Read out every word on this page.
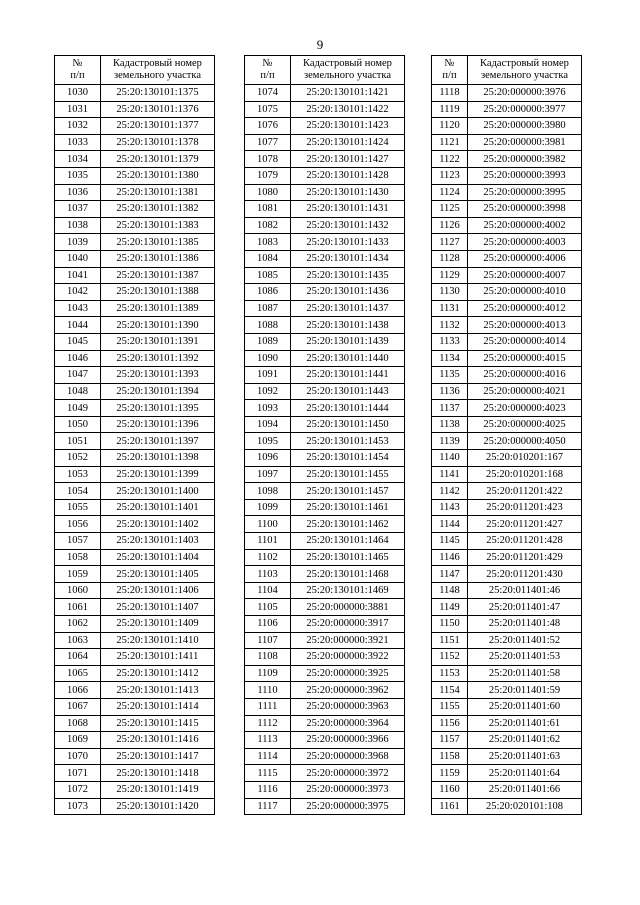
9
№
п/п	Кадастровый номер
земельного участка
1030	25:20:130101:1375
1031	25:20:130101:1376
1032	25:20:130101:1377
1033	25:20:130101:1378
1034	25:20:130101:1379
1035	25:20:130101:1380
1036	25:20:130101:1381
1037	25:20:130101:1382
1038	25:20:130101:1383
1039	25:20:130101:1385
1040	25:20:130101:1386
1041	25:20:130101:1387
1042	25:20:130101:1388
1043	25:20:130101:1389
1044	25:20:130101:1390
1045	25:20:130101:1391
1046	25:20:130101:1392
1047	25:20:130101:1393
1048	25:20:130101:1394
1049	25:20:130101:1395
1050	25:20:130101:1396
1051	25:20:130101:1397
1052	25:20:130101:1398
1053	25:20:130101:1399
1054	25:20:130101:1400
1055	25:20:130101:1401
1056	25:20:130101:1402
1057	25:20:130101:1403
1058	25:20:130101:1404
1059	25:20:130101:1405
1060	25:20:130101:1406
1061	25:20:130101:1407
1062	25:20:130101:1409
1063	25:20:130101:1410
1064	25:20:130101:1411
1065	25:20:130101:1412
1066	25:20:130101:1413
1067	25:20:130101:1414
1068	25:20:130101:1415
1069	25:20:130101:1416
1070	25:20:130101:1417
1071	25:20:130101:1418
1072	25:20:130101:1419
1073	25:20:130101:1420
№
п/п	Кадастровый номер
земельного участка
1074	25:20:130101:1421
1075	25:20:130101:1422
1076	25:20:130101:1423
1077	25:20:130101:1424
1078	25:20:130101:1427
1079	25:20:130101:1428
1080	25:20:130101:1430
1081	25:20:130101:1431
1082	25:20:130101:1432
1083	25:20:130101:1433
1084	25:20:130101:1434
1085	25:20:130101:1435
1086	25:20:130101:1436
1087	25:20:130101:1437
1088	25:20:130101:1438
1089	25:20:130101:1439
1090	25:20:130101:1440
1091	25:20:130101:1441
1092	25:20:130101:1443
1093	25:20:130101:1444
1094	25:20:130101:1450
1095	25:20:130101:1453
1096	25:20:130101:1454
1097	25:20:130101:1455
1098	25:20:130101:1457
1099	25:20:130101:1461
1100	25:20:130101:1462
1101	25:20:130101:1464
1102	25:20:130101:1465
1103	25:20:130101:1468
1104	25:20:130101:1469
1105	25:20:000000:3881
1106	25:20:000000:3917
1107	25:20:000000:3921
1108	25:20:000000:3922
1109	25:20:000000:3925
1110	25:20:000000:3962
1111	25:20:000000:3963
1112	25:20:000000:3964
1113	25:20:000000:3966
1114	25:20:000000:3968
1115	25:20:000000:3972
1116	25:20:000000:3973
1117	25:20:000000:3975
№
п/п	Кадастровый номер
земельного участка
1118	25:20:000000:3976
1119	25:20:000000:3977
1120	25:20:000000:3980
1121	25:20:000000:3981
1122	25:20:000000:3982
1123	25:20:000000:3993
1124	25:20:000000:3995
1125	25:20:000000:3998
1126	25:20:000000:4002
1127	25:20:000000:4003
1128	25:20:000000:4006
1129	25:20:000000:4007
1130	25:20:000000:4010
1131	25:20:000000:4012
1132	25:20:000000:4013
1133	25:20:000000:4014
1134	25:20:000000:4015
1135	25:20:000000:4016
1136	25:20:000000:4021
1137	25:20:000000:4023
1138	25:20:000000:4025
1139	25:20:000000:4050
1140	25:20:010201:167
1141	25:20:010201:168
1142	25:20:011201:422
1143	25:20:011201:423
1144	25:20:011201:427
1145	25:20:011201:428
1146	25:20:011201:429
1147	25:20:011201:430
1148	25:20:011401:46
1149	25:20:011401:47
1150	25:20:011401:48
1151	25:20:011401:52
1152	25:20:011401:53
1153	25:20:011401:58
1154	25:20:011401:59
1155	25:20:011401:60
1156	25:20:011401:61
1157	25:20:011401:62
1158	25:20:011401:63
1159	25:20:011401:64
1160	25:20:011401:66
1161	25:20:020101:108
